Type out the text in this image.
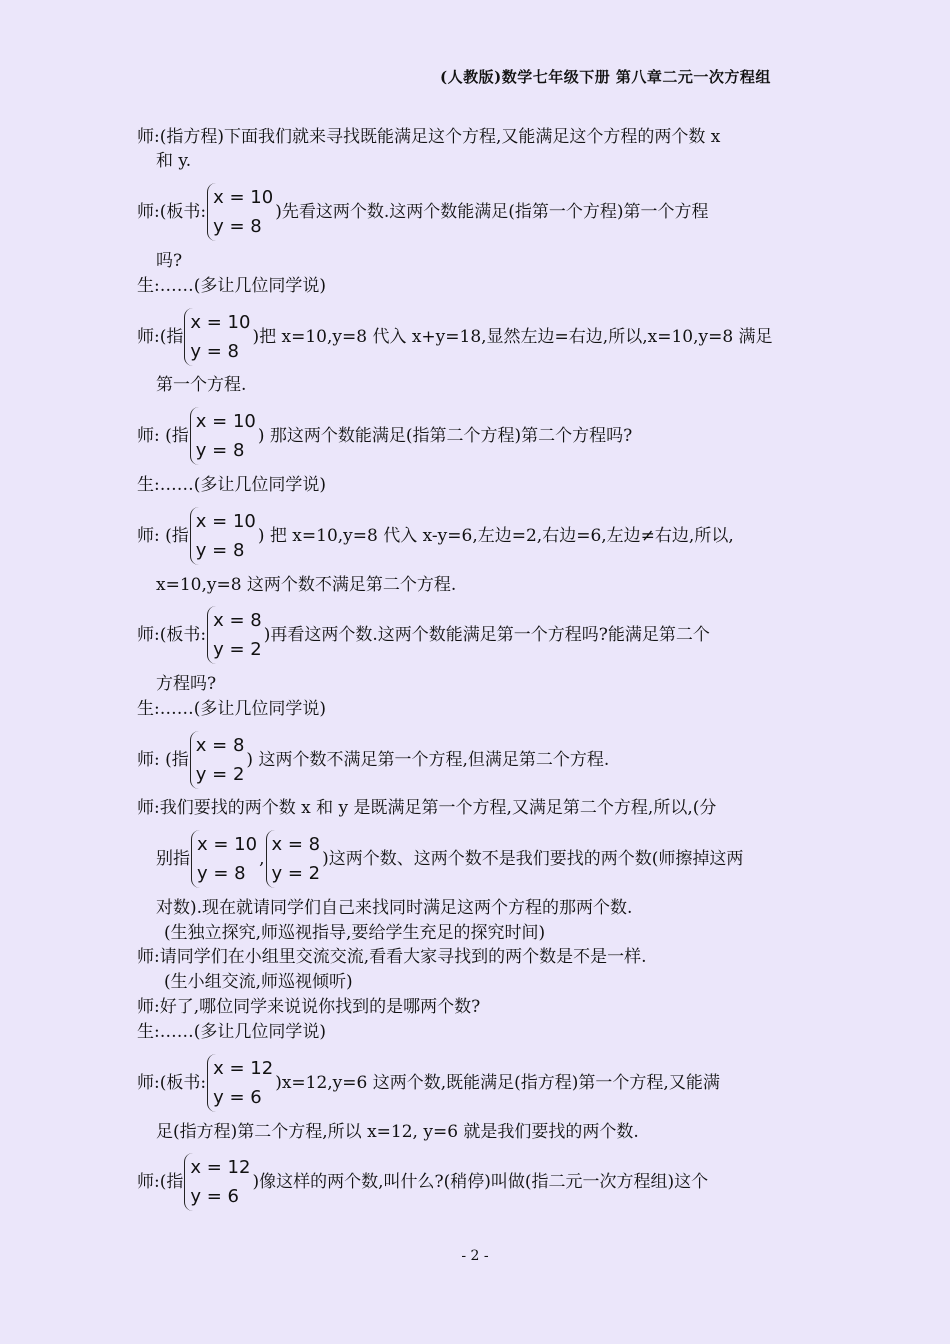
(人教版)数学七年级下册 第八章二元一次方程组
师:(指方程)下面我们就来寻找既能满足这个方程,又能满足这个方程的两个数 x
和 y.
师:(板书:
x = 10
y = 8
)先看这两个数.这两个数能满足(指第一个方程)第一个方程
吗?
生:……(多让几位同学说)
师:(指
x = 10
y = 8
)把 x=10,y=8 代入 x+y=18,显然左边=右边,所以,x=10,y=8 满足
第一个方程.
师: (指
x = 10
y = 8
) 那这两个数能满足(指第二个方程)第二个方程吗?
生:……(多让几位同学说)
师: (指
x = 10
y = 8
) 把 x=10,y=8 代入 x-y=6,左边=2,右边=6,左边≠右边,所以,
x=10,y=8 这两个数不满足第二个方程.
师:(板书:
x = 8
y = 2
)再看这两个数.这两个数能满足第一个方程吗?能满足第二个
方程吗?
生:……(多让几位同学说)
师: (指
x = 8
y = 2
) 这两个数不满足第一个方程,但满足第二个方程.
师:我们要找的两个数 x 和 y 是既满足第一个方程,又满足第二个方程,所以,(分
别指
x = 10
y = 8
,
x = 8
y = 2
)这两个数、这两个数不是我们要找的两个数(师擦掉这两
对数).现在就请同学们自己来找同时满足这两个方程的那两个数.
(生独立探究,师巡视指导,要给学生充足的探究时间)
师:请同学们在小组里交流交流,看看大家寻找到的两个数是不是一样.
(生小组交流,师巡视倾听)
师:好了,哪位同学来说说你找到的是哪两个数?
生:……(多让几位同学说)
师:(板书:
x = 12
y = 6
)x=12,y=6 这两个数,既能满足(指方程)第一个方程,又能满
足(指方程)第二个方程,所以 x=12, y=6 就是我们要找的两个数.
师:(指
x = 12
y = 6
)像这样的两个数,叫什么?(稍停)叫做(指二元一次方程组)这个
- 2 -
